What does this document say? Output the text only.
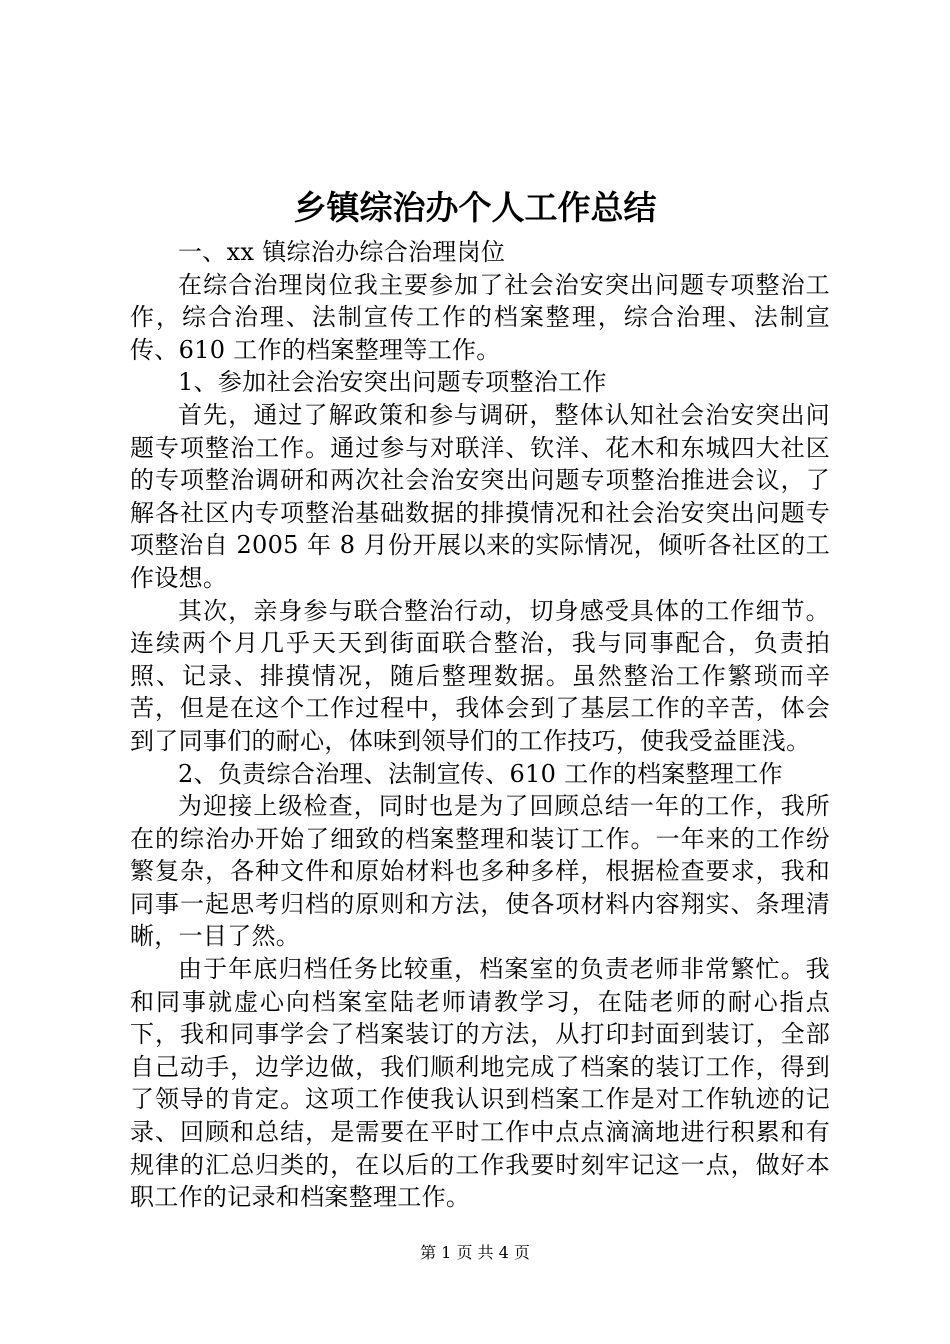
乡镇综治办个人工作总结

一、xx 镇综治办综合治理岗位

在综合治理岗位我主要参加了社会治安突出问题专项整治工作，综合治理、法制宣传工作的档案整理，综合治理、法制宣传、610 工作的档案整理等工作。

1、参加社会治安突出问题专项整治工作

首先，通过了解政策和参与调研，整体认知社会治安突出问题专项整治工作。通过参与对联洋、钦洋、花木和东城四大社区的专项整治调研和两次社会治安突出问题专项整治推进会议，了解各社区内专项整治基础数据的排摸情况和社会治安突出问题专项整治自 2005 年 8 月份开展以来的实际情况，倾听各社区的工作设想。

其次，亲身参与联合整治行动，切身感受具体的工作细节。连续两个月几乎天天到街面联合整治，我与同事配合，负责拍照、记录、排摸情况，随后整理数据。虽然整治工作繁琐而辛苦，但是在这个工作过程中，我体会到了基层工作的辛苦，体会到了同事们的耐心，体味到领导们的工作技巧，使我受益匪浅。

2、负责综合治理、法制宣传、610 工作的档案整理工作

为迎接上级检查，同时也是为了回顾总结一年的工作，我所在的综治办开始了细致的档案整理和装订工作。一年来的工作纷繁复杂，各种文件和原始材料也多种多样，根据检查要求，我和同事一起思考归档的原则和方法，使各项材料内容翔实、条理清晰，一目了然。

由于年底归档任务比较重，档案室的负责老师非常繁忙。我和同事就虚心向档案室陆老师请教学习，在陆老师的耐心指点下，我和同事学会了档案装订的方法，从打印封面到装订，全部自己动手，边学边做，我们顺利地完成了档案的装订工作，得到了领导的肯定。这项工作使我认识到档案工作是对工作轨迹的记录、回顾和总结，是需要在平时工作中点点滴滴地进行积累和有规律的汇总归类的，在以后的工作我要时刻牢记这一点，做好本职工作的记录和档案整理工作。

第 1 页 共 4 页
